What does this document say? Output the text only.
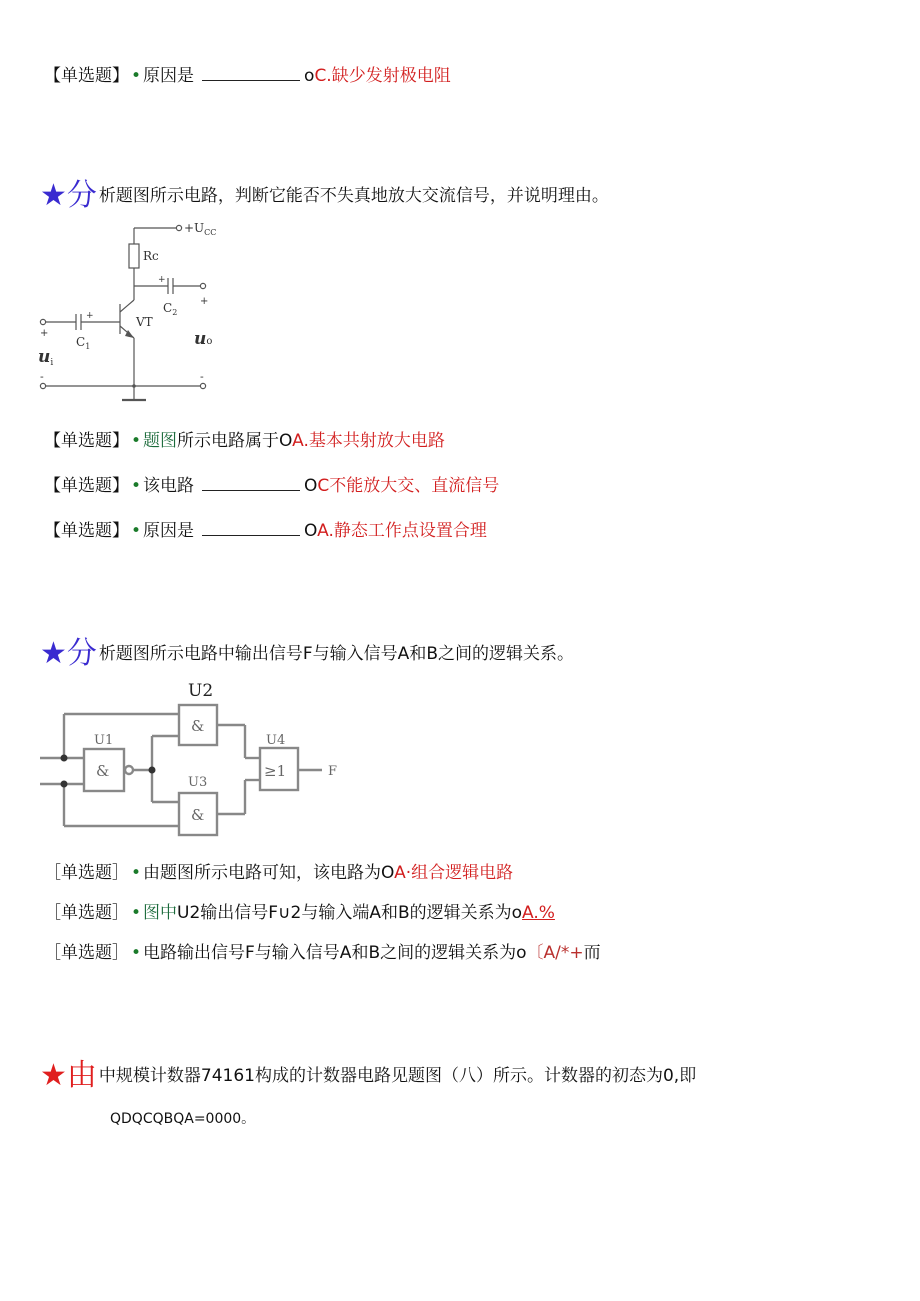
【单选题】 • 原因是	oC.缺少发射极电阻
★分 析题图所示电路，判断它能否不失真地放大交流信号，并说明理由。
$+U_{CC}$
Rc
+
$C_2$
+
+
$C_1$
VT
+
ui
uo
-	-
【单选题】 • 题图所示电路属于OA.基本共射放大电路
【单选题】 • 该电路	OC不能放大交、直流信号
【单选题】 • 原因是	OA.静态工作点设置合理
★分 析题图所示电路中输出信号F与输入信号A和B之间的逻辑关系。
U2
&
U1
&
U3
&
U4
≥1	F
［单选题］ • 由题图所示电路可知，该电路为OA·组合逻辑电路
［单选题］ • 图中U2输出信号F∪2与输入端A和B的逻辑关系为oA.%
［单选题］ • 电路输出信号F与输入信号A和B之间的逻辑关系为o〔A/*+而
★由 中规模计数器74161构成的计数器电路见题图（八）所示。计数器的初态为0,即
QDQCQBQA=0000。
